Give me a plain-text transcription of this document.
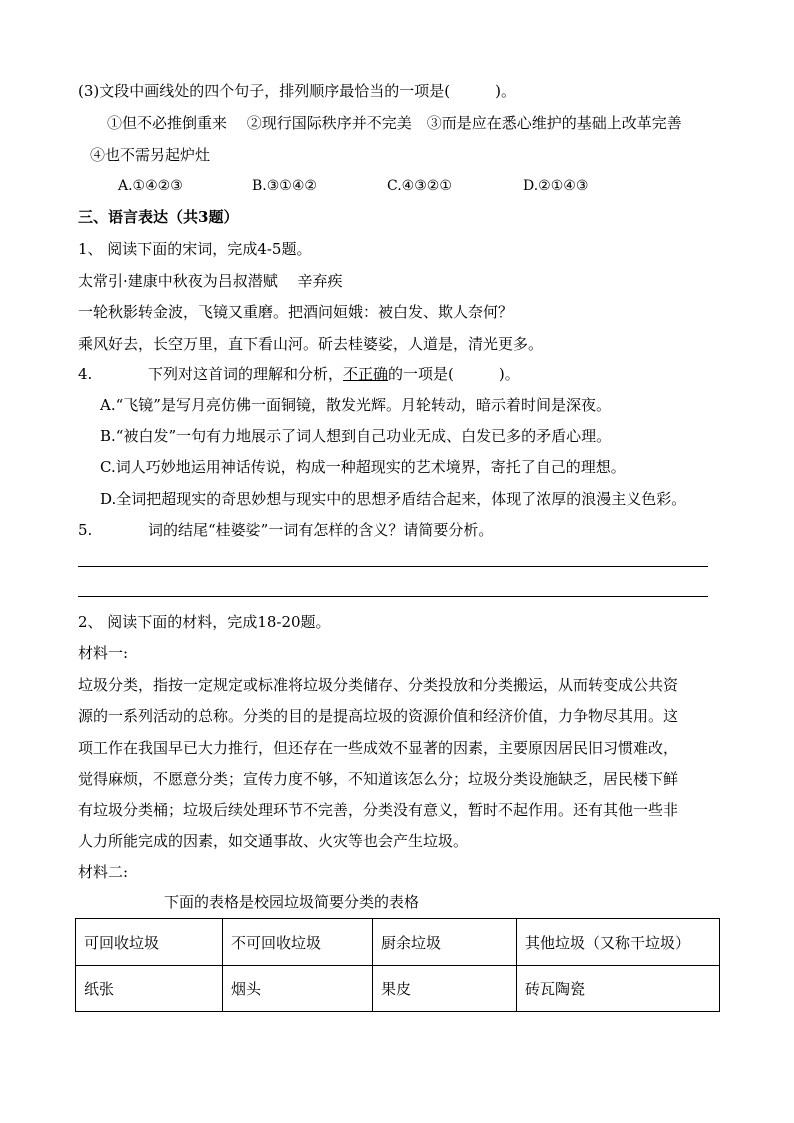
(3)文段中画线处的四个句子，排列顺序最恰当的一项是(　　　)。
①但不必推倒重来　 ②现行国际秩序并不完美　③而是应在悉心维护的基础上改革完善
④也不需另起炉灶
A.①④②③	B.③①④②	C.④③②①	D.②①④③
三、语言表达（共3题）
1、 阅读下面的宋词，完成4-5题。
太常引·建康中秋夜为吕叔潜赋　 辛弃疾
一轮秋影转金波，飞镜又重磨。把酒问姮娥：被白发、欺人奈何？
乘风好去，长空万里，直下看山河。斫去桂婆娑，人道是，清光更多。
4.	下列对这首词的理解和分析，不正确的一项是(　　　)。
A.“飞镜”是写月亮仿佛一面铜镜，散发光辉。月轮转动，暗示着时间是深夜。
B.“被白发”一句有力地展示了词人想到自己功业无成、白发已多的矛盾心理。
C.词人巧妙地运用神话传说，构成一种超现实的艺术境界，寄托了自己的理想。
D.全词把超现实的奇思妙想与现实中的思想矛盾结合起来，体现了浓厚的浪漫主义色彩。
5.	词的结尾“桂婆娑”一词有怎样的含义？请简要分析。
2、 阅读下面的材料，完成18-20题。
材料一:
垃圾分类，指按一定规定或标准将垃圾分类储存、分类投放和分类搬运，从而转变成公共资
源的一系列活动的总称。分类的目的是提高垃圾的资源价值和经济价值，力争物尽其用。这
项工作在我国早已大力推行，但还存在一些成效不显著的因素，主要原因居民旧习惯难改，
觉得麻烦，不愿意分类；宣传力度不够，不知道该怎么分；垃圾分类设施缺乏，居民楼下鲜
有垃圾分类桶；垃圾后续处理环节不完善，分类没有意义，暂时不起作用。还有其他一些非
人力所能完成的因素，如交通事故、火灾等也会产生垃圾。
材料二:
下面的表格是校园垃圾简要分类的表格
可回收垃圾	不可回收垃圾	厨余垃圾	其他垃圾（又称干垃圾）
纸张	烟头	果皮	砖瓦陶瓷
